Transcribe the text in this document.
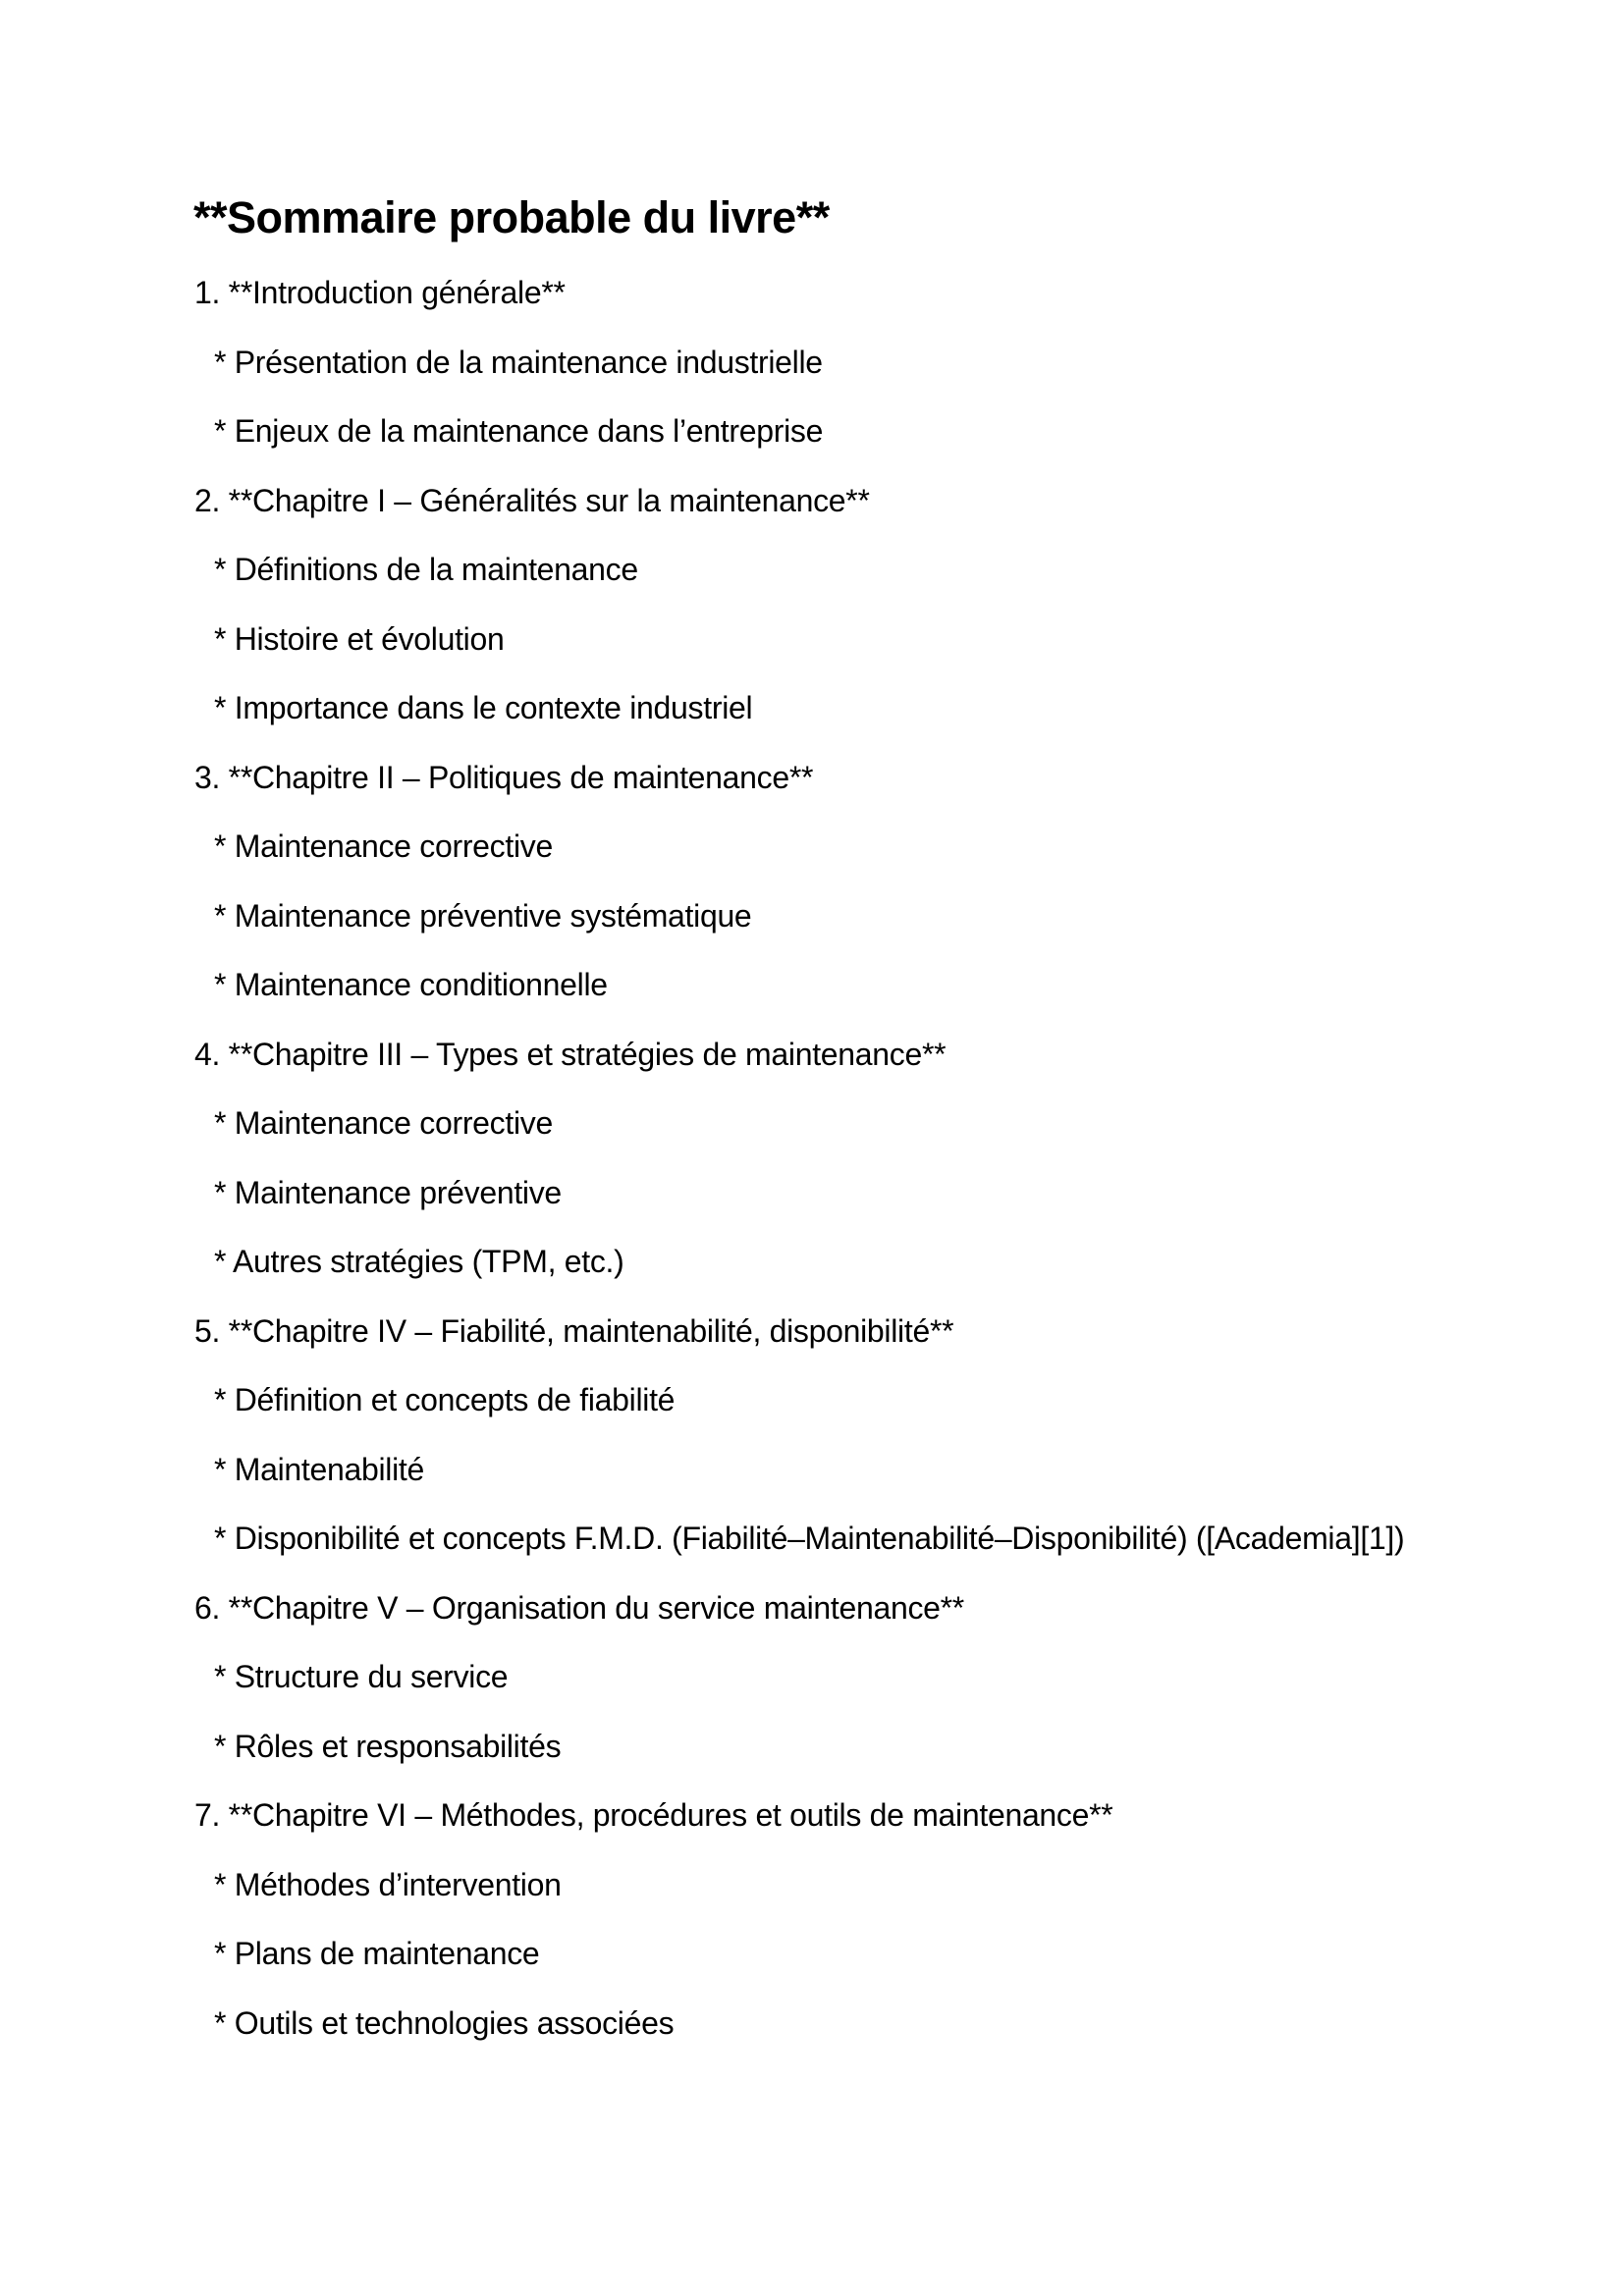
**Sommaire probable du livre**
1. **Introduction générale**
* Présentation de la maintenance industrielle
* Enjeux de la maintenance dans l’entreprise
2. **Chapitre I – Généralités sur la maintenance**
* Définitions de la maintenance
* Histoire et évolution
* Importance dans le contexte industriel
3. **Chapitre II – Politiques de maintenance**
* Maintenance corrective
* Maintenance préventive systématique
* Maintenance conditionnelle
4. **Chapitre III – Types et stratégies de maintenance**
* Maintenance corrective
* Maintenance préventive
* Autres stratégies (TPM, etc.)
5. **Chapitre IV – Fiabilité, maintenabilité, disponibilité**
* Définition et concepts de fiabilité
* Maintenabilité
* Disponibilité et concepts F.M.D. (Fiabilité–Maintenabilité–Disponibilité) ([Academia][1])
6. **Chapitre V – Organisation du service maintenance**
* Structure du service
* Rôles et responsabilités
7. **Chapitre VI – Méthodes, procédures et outils de maintenance**
* Méthodes d’intervention
* Plans de maintenance
* Outils et technologies associées
